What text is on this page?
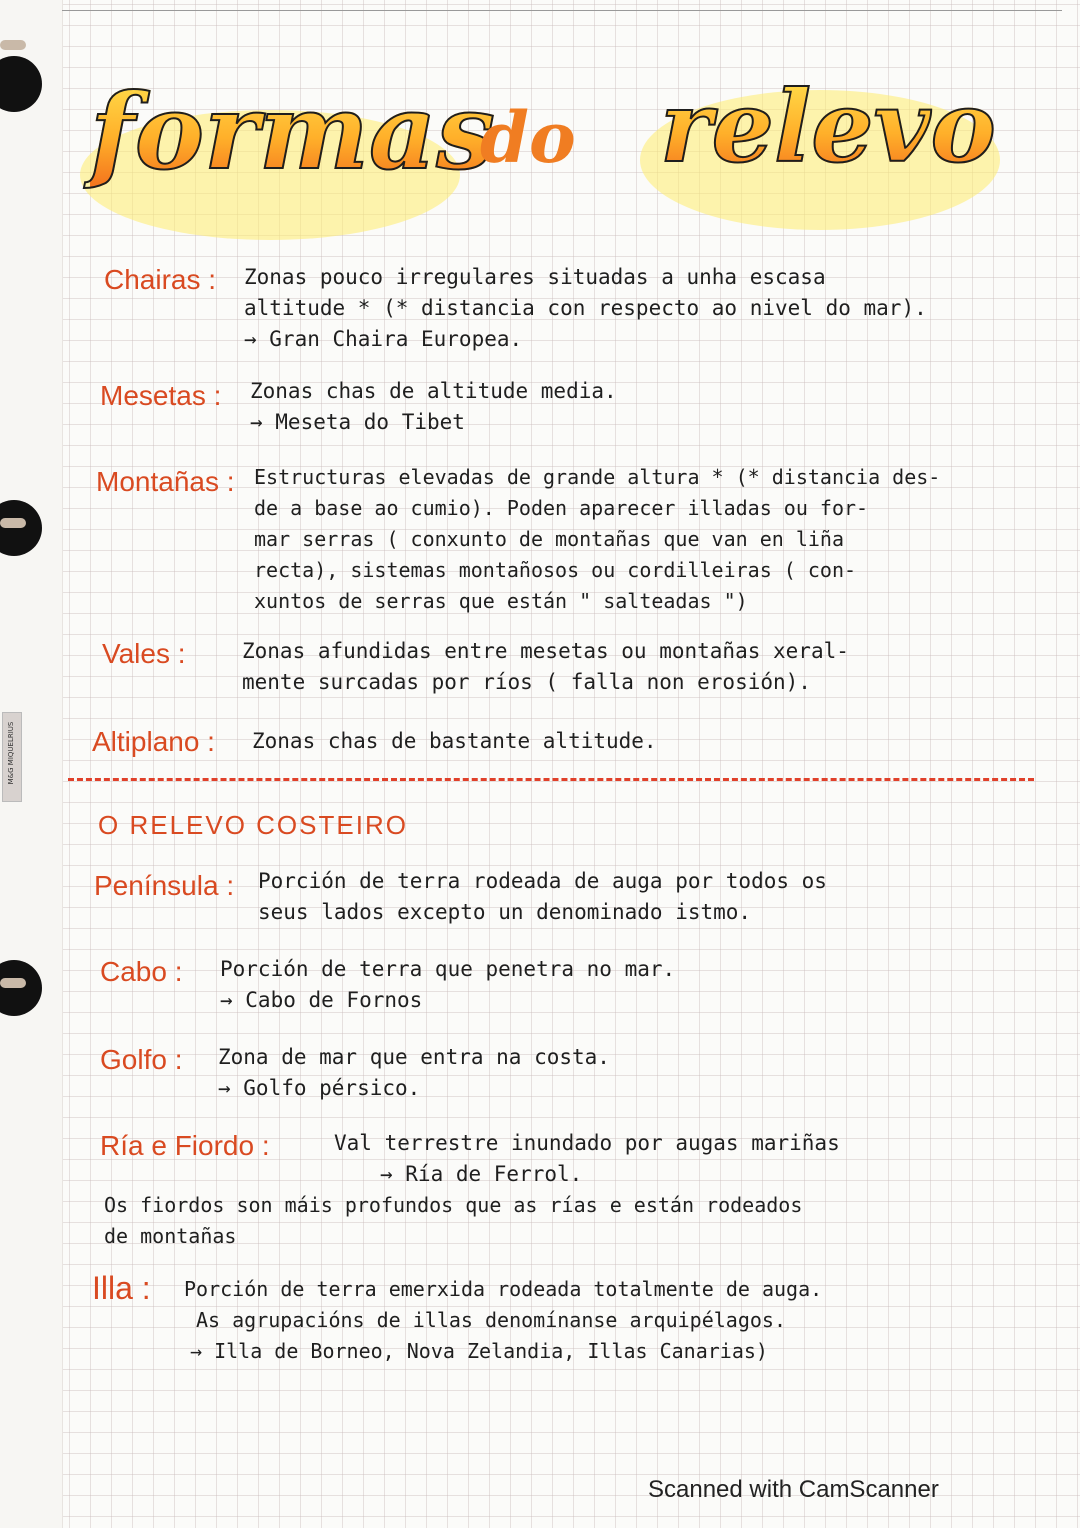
M&G MIQUELRIUS
formas
do relevo
Chairas : Zonas pouco irregulares situadas a unha escasa
altitude * (* distancia con respecto ao nivel do mar).
→ Gran Chaira Europea.
Mesetas : Zonas chas de altitude media.
→ Meseta do Tibet
Montañas : Estructuras elevadas de grande altura * (* distancia des-
de a base ao cumio). Poden aparecer illadas ou for-
mar serras ( conxunto de montañas que van en liña
recta), sistemas montañosos ou cordilleiras ( con-
xuntos de serras que están " salteadas ")
Vales :	Zonas afundidas entre mesetas ou montañas xeral-
mente surcadas por ríos ( falla non erosión).
Altiplano : Zonas chas de bastante altitude.
O RELEVO COSTEIRO
Península : Porción de terra rodeada de auga por todos os
seus lados excepto un denominado istmo.
Cabo : Porción de terra que penetra no mar.
→ Cabo de Fornos
Golfo : Zona de mar que entra na costa.
→ Golfo pérsico.
Ría e Fiordo :	Val terrestre inundado por augas mariñas
→ Ría de Ferrol.
Os fiordos son máis profundos que as rías e están rodeados
de montañas
Illa : Porción de terra emerxida rodeada totalmente de auga.
As agrupacións de illas denomínanse arquipélagos.
→ Illa de Borneo, Nova Zelandia, Illas Canarias)
Scanned with CamScanner
